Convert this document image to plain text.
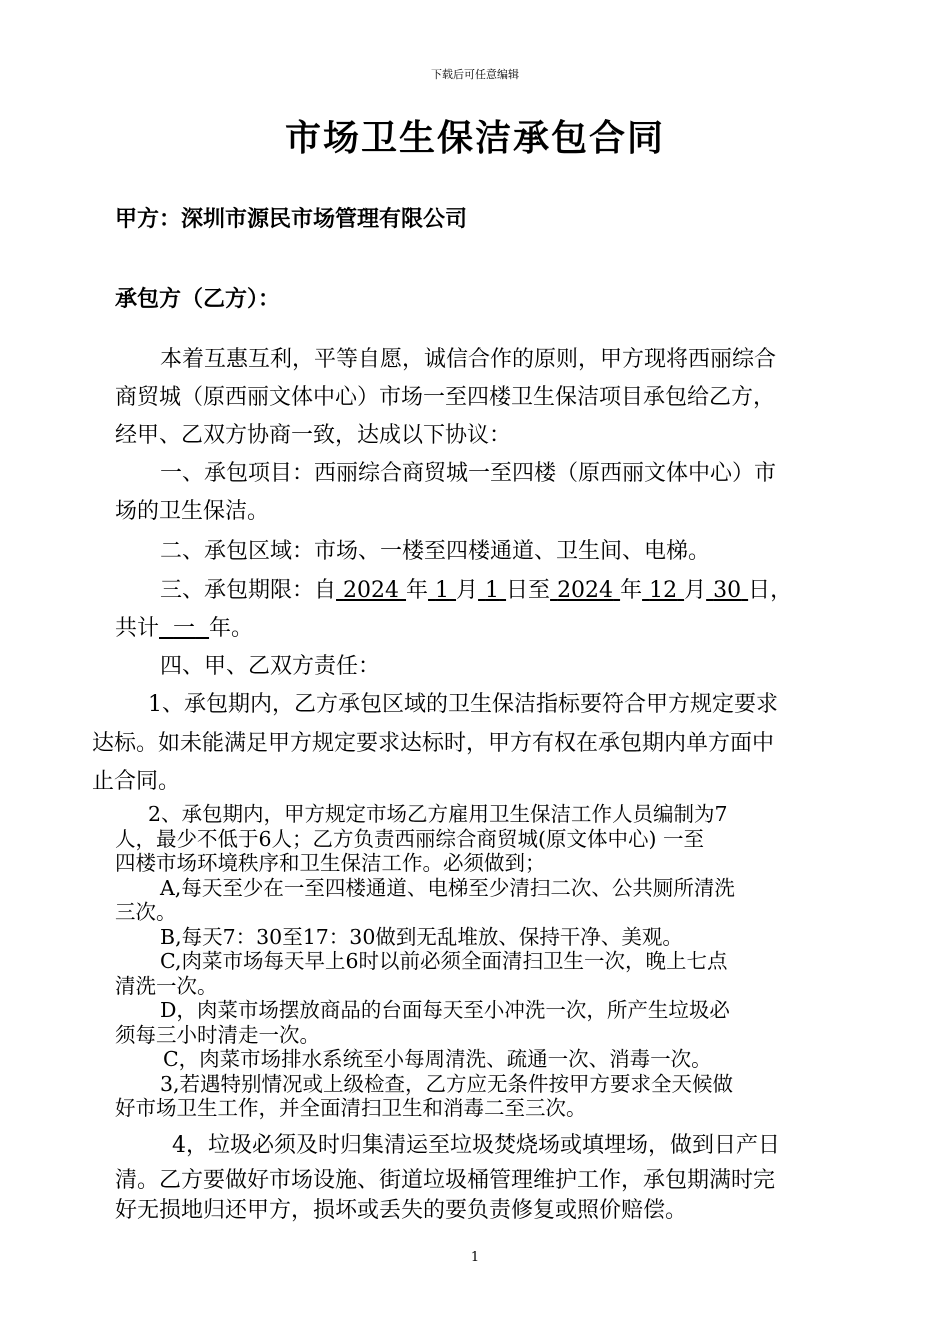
下载后可任意编辑
市场卫生保洁承包合同
甲方：深圳市源民市场管理有限公司
承包方（乙方）：
本着互惠互利，平等自愿，诚信合作的原则，甲方现将西丽综合
商贸城（原西丽文体中心）市场一至四楼卫生保洁项目承包给乙方，
经甲、乙双方协商一致，达成以下协议：
一、承包项目：西丽综合商贸城一至四楼（原西丽文体中心）市
场的卫生保洁。
二、承包区域：市场、一楼至四楼通道、卫生间、电梯。
三、承包期限：自 2024 年 1 月 1 日至 2024 年 12 月 30 日，
共计 一 年。
四、甲、乙双方责任：
1、承包期内，乙方承包区域的卫生保洁指标要符合甲方规定要求
达标。如未能满足甲方规定要求达标时，甲方有权在承包期内单方面中
止合同。
2、承包期内，甲方规定市场乙方雇用卫生保洁工作人员编制为7
人，最少不低于6人；乙方负责西丽综合商贸城(原文体中心) 一至
四楼市场环境秩序和卫生保洁工作。必须做到；
A,每天至少在一至四楼通道、电梯至少清扫二次、公共厕所清洗
三次。
B,每天7：30至17：30做到无乱堆放、保持干净、美观。
C,肉菜市场每天早上6时以前必须全面清扫卫生一次，晚上七点
清洗一次。
D，肉菜市场摆放商品的台面每天至小冲洗一次，所产生垃圾必
须每三小时清走一次。
C，肉菜市场排水系统至小每周清洗、疏通一次、消毒一次。
3,若遇特别情况或上级检查，乙方应无条件按甲方要求全天候做
好市场卫生工作，并全面清扫卫生和消毒二至三次。
4，垃圾必须及时归集清运至垃圾焚烧场或填埋场，做到日产日
清。乙方要做好市场设施、街道垃圾桶管理维护工作，承包期满时完
好无损地归还甲方，损坏或丢失的要负责修复或照价赔偿。
1
